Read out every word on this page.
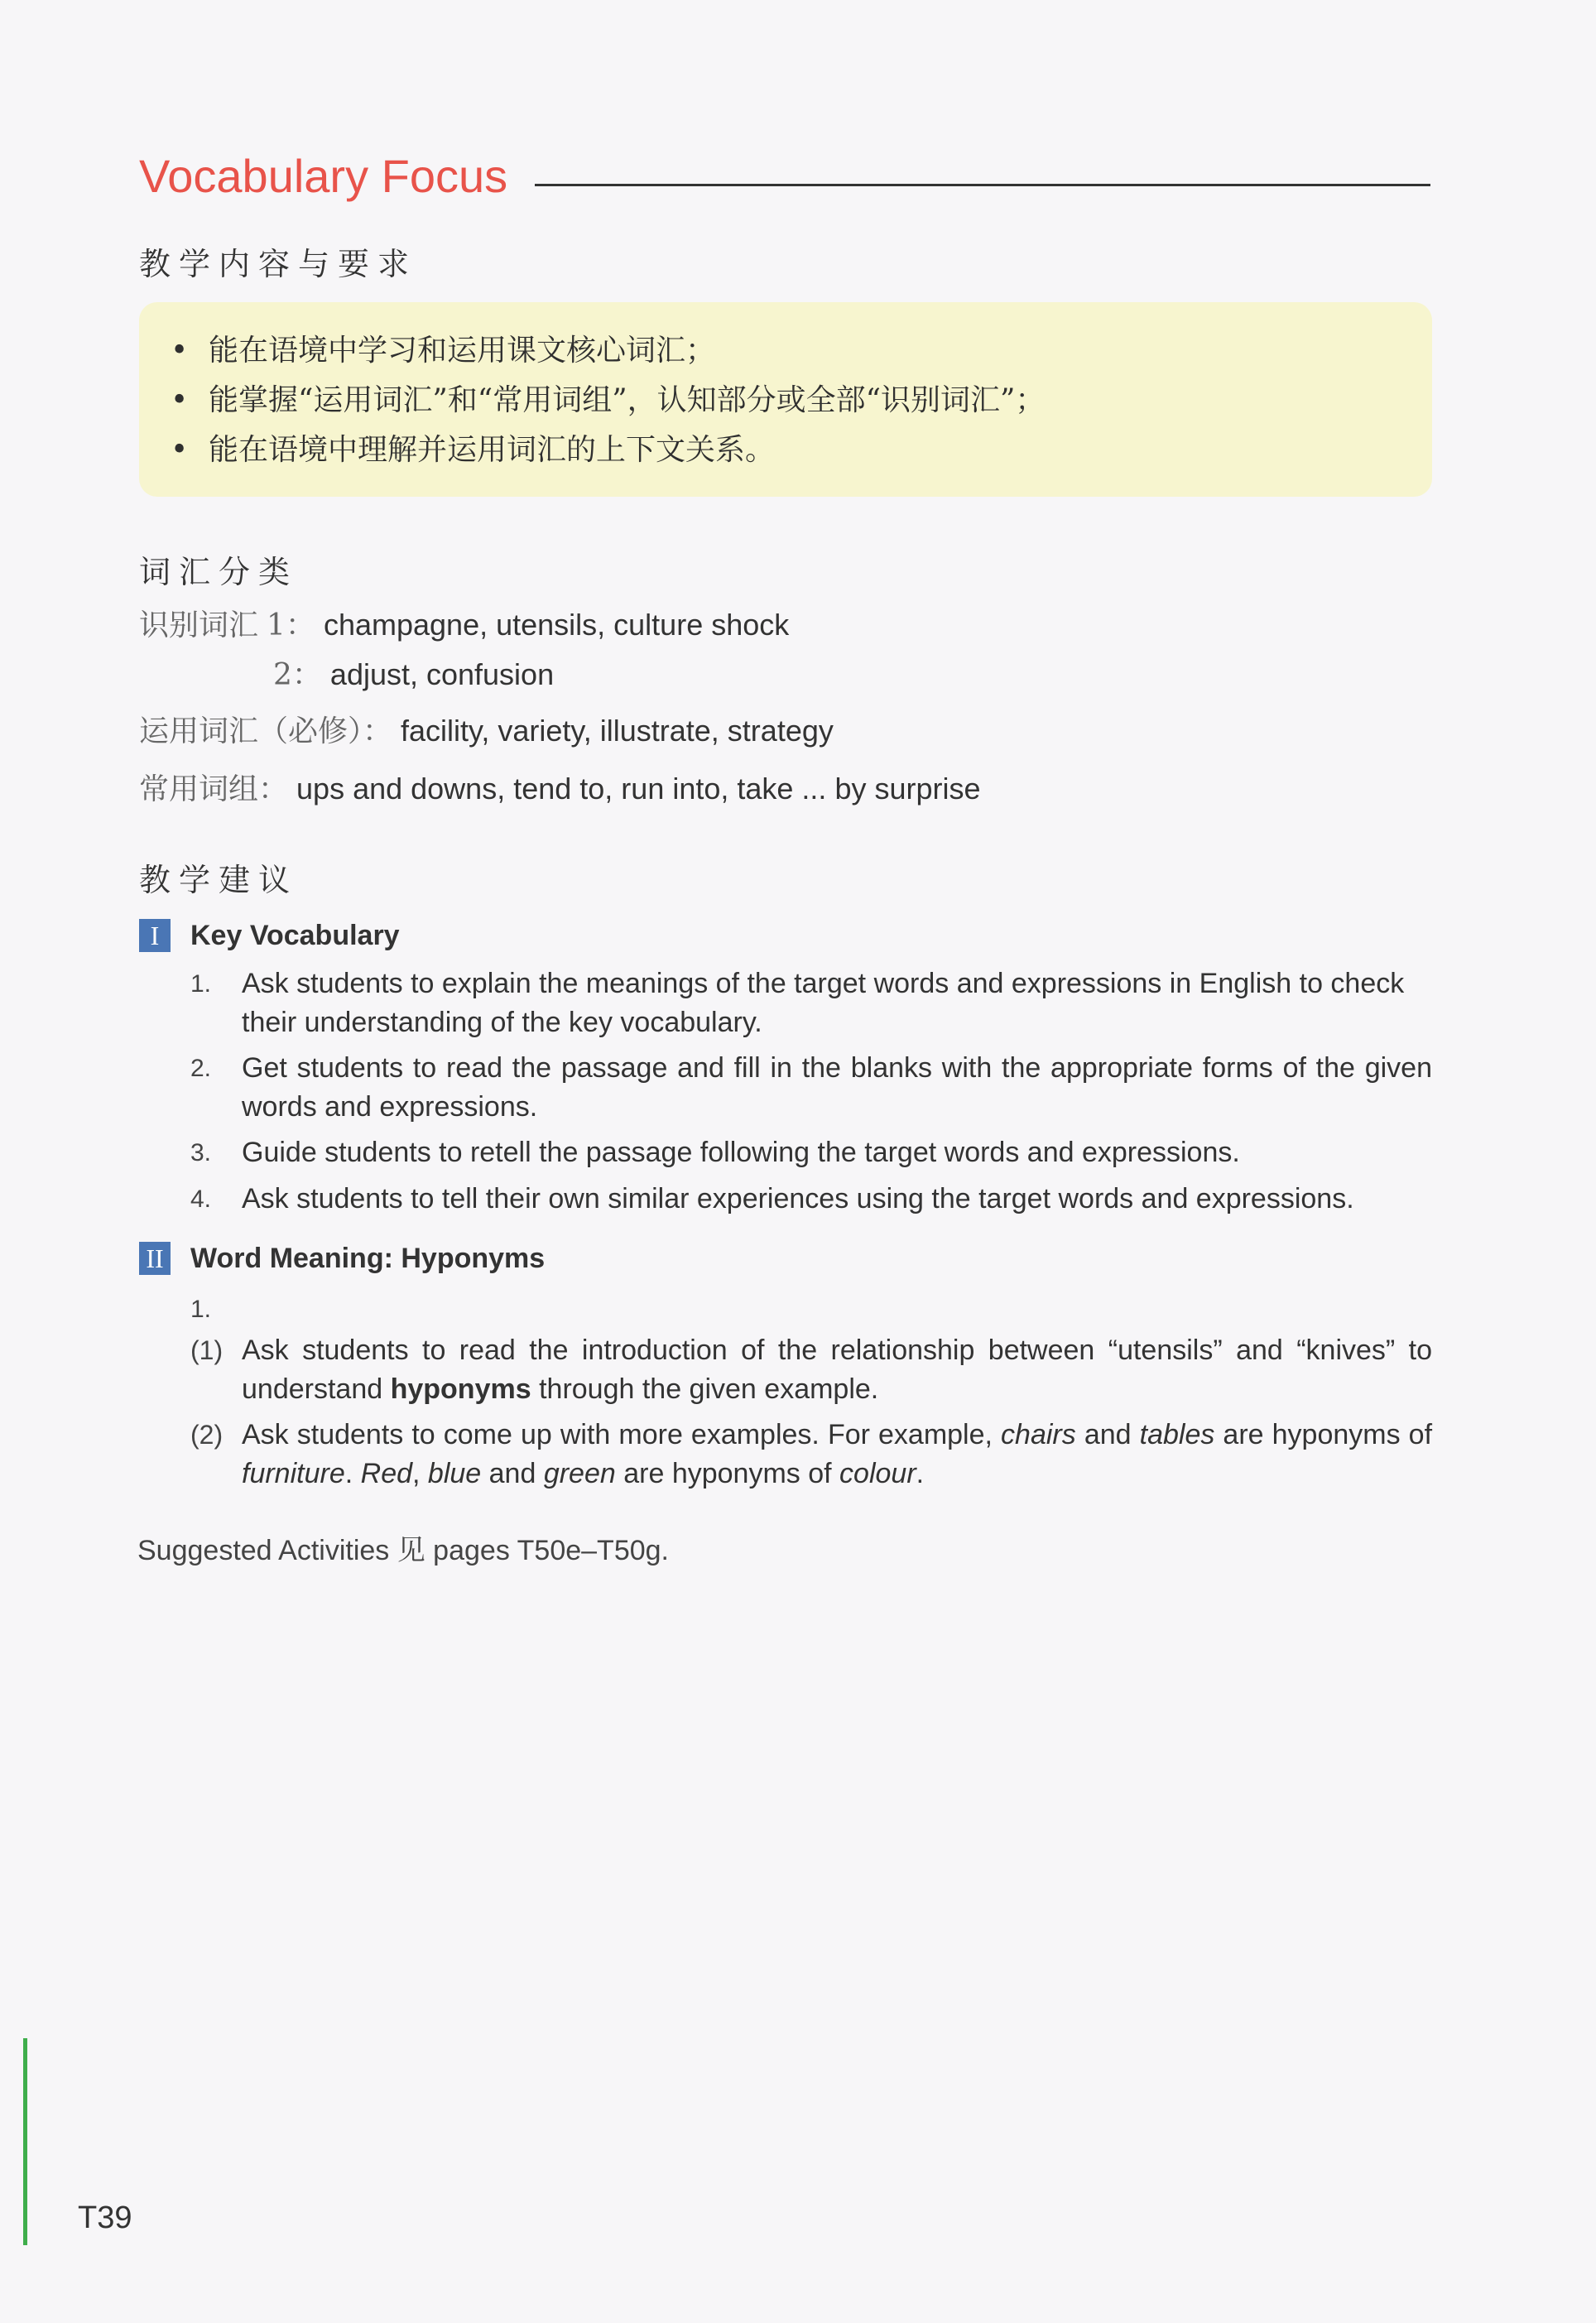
Vocabulary Focus
教学内容与要求
• 能在语境中学习和运用课文核心词汇；
• 能掌握“运用词汇”和“常用词组”，认知部分或全部“识别词汇”；
• 能在语境中理解并运用词汇的上下文关系。
词汇分类
识别词汇 1： champagne, utensils, culture shock
2： adjust, confusion
运用词汇（必修）： facility, variety, illustrate, strategy
常用词组： ups and downs, tend to, run into, take ... by surprise
教学建议
I	Key Vocabulary
1.	Ask students to explain the meanings of the target words and expressions in English to check their understanding of the key vocabulary.
2.	Get students to read the passage and fill in the blanks with the appropriate forms of the given words and expressions.
3.	Guide students to retell the passage following the target words and expressions.
4.	Ask students to tell their own similar experiences using the target words and expressions.
II Word Meaning: Hyponyms
1.
(1) Ask students to read the introduction of the relationship between “utensils” and “knives” to understand hyponyms through the given example.
(2) Ask students to come up with more examples. For example, chairs and tables are hyponyms of furniture. Red, blue and green are hyponyms of colour.
Suggested Activities 见 pages T50e–T50g.
T39
